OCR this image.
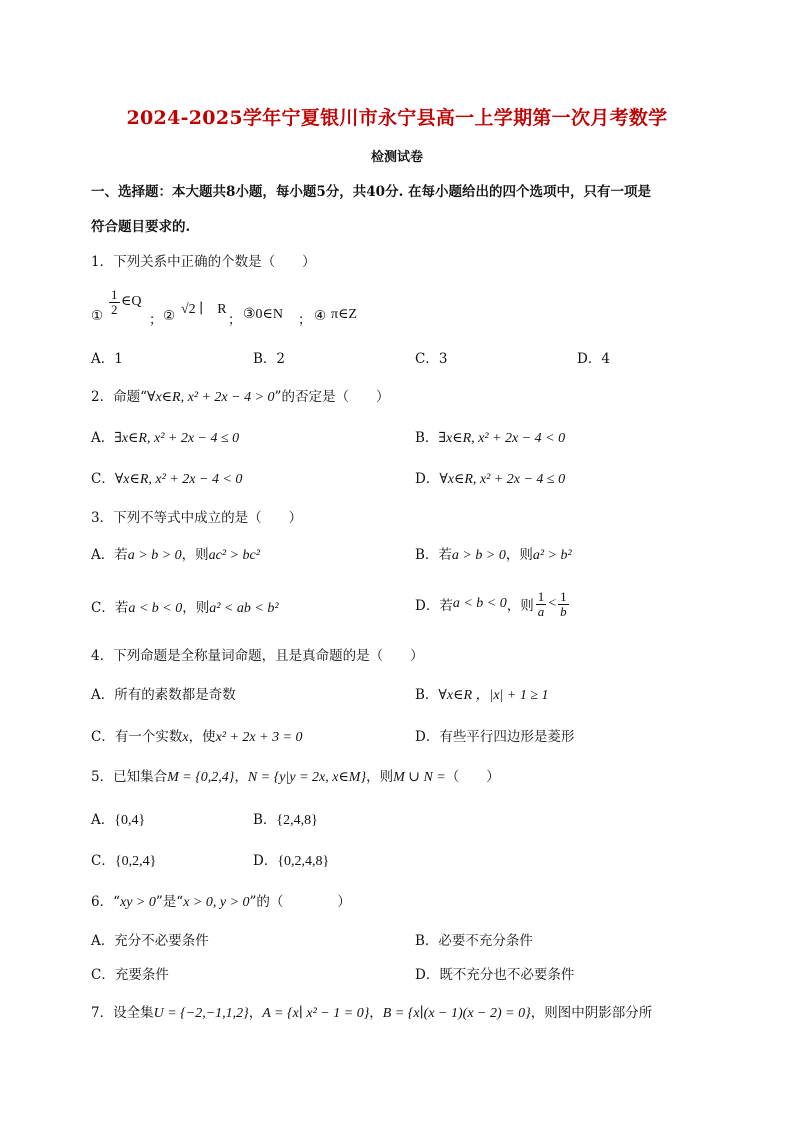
2024-2025学年宁夏银川市永宁县高一上学期第一次月考数学
检测试卷
一、选择题：本大题共8小题，每小题5分，共40分. 在每小题给出的四个选项中，只有一项是
符合题目要求的.
1．下列关系中正确的个数是（　　）
① $\frac{1}{2}$ ∈Q
； ② √2 ∣　R
； ③0∈N ； ④ π∈Z
A．1	B．2	C．3	D．4
2．命题“∀x∈R, x² + 2x − 4 > 0”的否定是（　　）
A．∃x∈R, x² + 2x − 4 ≤ 0	B．∃x∈R, x² + 2x − 4 < 0
C．∀x∈R, x² + 2x − 4 < 0	D．∀x∈R, x² + 2x − 4 ≤ 0
3．下列不等式中成立的是（　　）
A．若a > b > 0，则ac² > bc²	B．若a > b > 0，则a² > b²
C．若a < b < 0，则a² < ab < b²	D．若 a < b < 0 ，则 $\frac{1}{a} < \frac{1}{b}$
4．下列命题是全称量词命题，且是真命题的是（　　）
A．所有的素数都是奇数	B．∀x∈R ，|x| + 1 ≥ 1
C．有一个实数x，使x² + 2x + 3 = 0	D．有些平行四边形是菱形
5．已知集合M = {0,2,4}，N = {y|y = 2x, x∈M}，则M ∪ N =（　　）
A．{0,4}	B．{2,4,8}
C．{0,2,4}	D．{0,2,4,8}
6．“xy > 0”是“x > 0, y > 0”的（　　　　）
A．充分不必要条件	B．必要不充分条件
C．充要条件	D．既不充分也不必要条件
7．设全集U = {−2,−1,1,2}，A = {x∣ x² − 1 = 0}，B = {x∣(x − 1)(x − 2) = 0}，则图中阴影部分所
